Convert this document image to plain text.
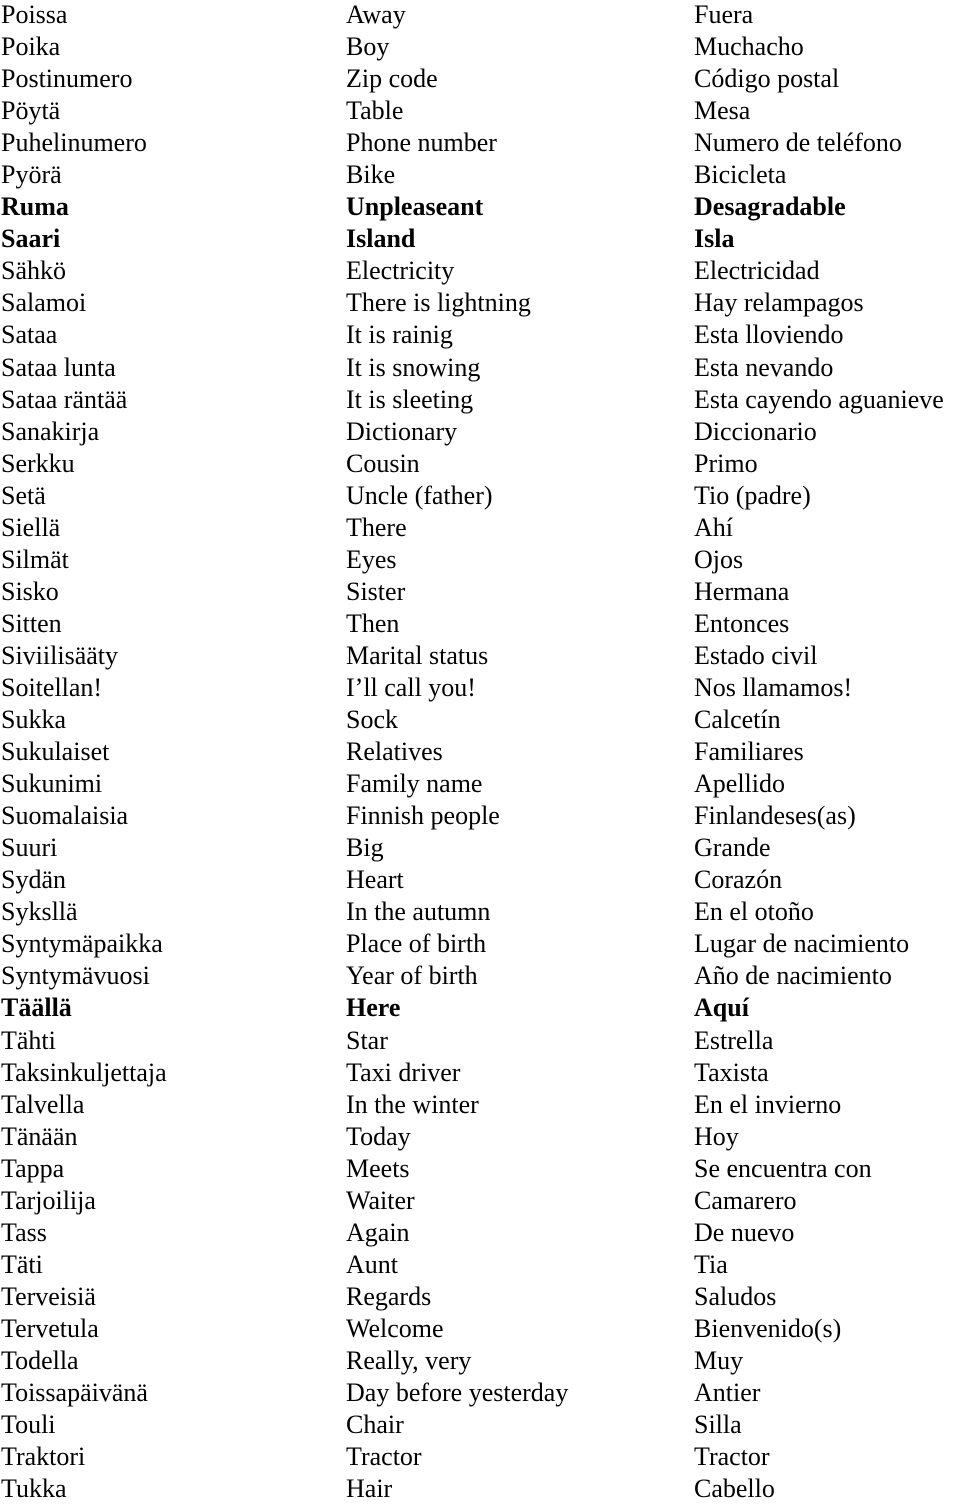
Poissa	Away	Fuera
Poika	Boy	Muchacho
Postinumero	Zip code	Código postal
Pöytä	Table	Mesa
Puhelinumero	Phone number	Numero de teléfono
Pyörä	Bike	Bicicleta
Ruma	Unpleaseant	Desagradable
Saari	Island	Isla
Sähkö	Electricity	Electricidad
Salamoi	There is lightning	Hay relampagos
Sataa	It is rainig	Esta lloviendo
Sataa lunta	It is snowing	Esta nevando
Sataa räntää	It is sleeting	Esta cayendo aguanieve
Sanakirja	Dictionary	Diccionario
Serkku	Cousin	Primo
Setä	Uncle (father)	Tio (padre)
Siellä	There	Ahí
Silmät	Eyes	Ojos
Sisko	Sister	Hermana
Sitten	Then	Entonces
Siviilisääty	Marital status	Estado civil
Soitellan!	I’ll call you!	Nos llamamos!
Sukka	Sock	Calcetín
Sukulaiset	Relatives	Familiares
Sukunimi	Family name	Apellido
Suomalaisia	Finnish people	Finlandeses(as)
Suuri	Big	Grande
Sydän	Heart	Corazón
Syksllä	In the autumn	En el otoño
Syntymäpaikka	Place of birth	Lugar de nacimiento
Syntymävuosi	Year of birth	Año de nacimiento
Täällä	Here	Aquí
Tähti	Star	Estrella
Taksinkuljettaja	Taxi driver	Taxista
Talvella	In the winter	En el invierno
Tänään	Today	Hoy
Tappa	Meets	Se encuentra con
Tarjoilija	Waiter	Camarero
Tass	Again	De nuevo
Täti	Aunt	Tia
Terveisiä	Regards	Saludos
Tervetula	Welcome	Bienvenido(s)
Todella	Really, very	Muy
Toissapäivänä	Day before yesterday	Antier
Touli	Chair	Silla
Traktori	Tractor	Tractor
Tukka	Hair	Cabello
